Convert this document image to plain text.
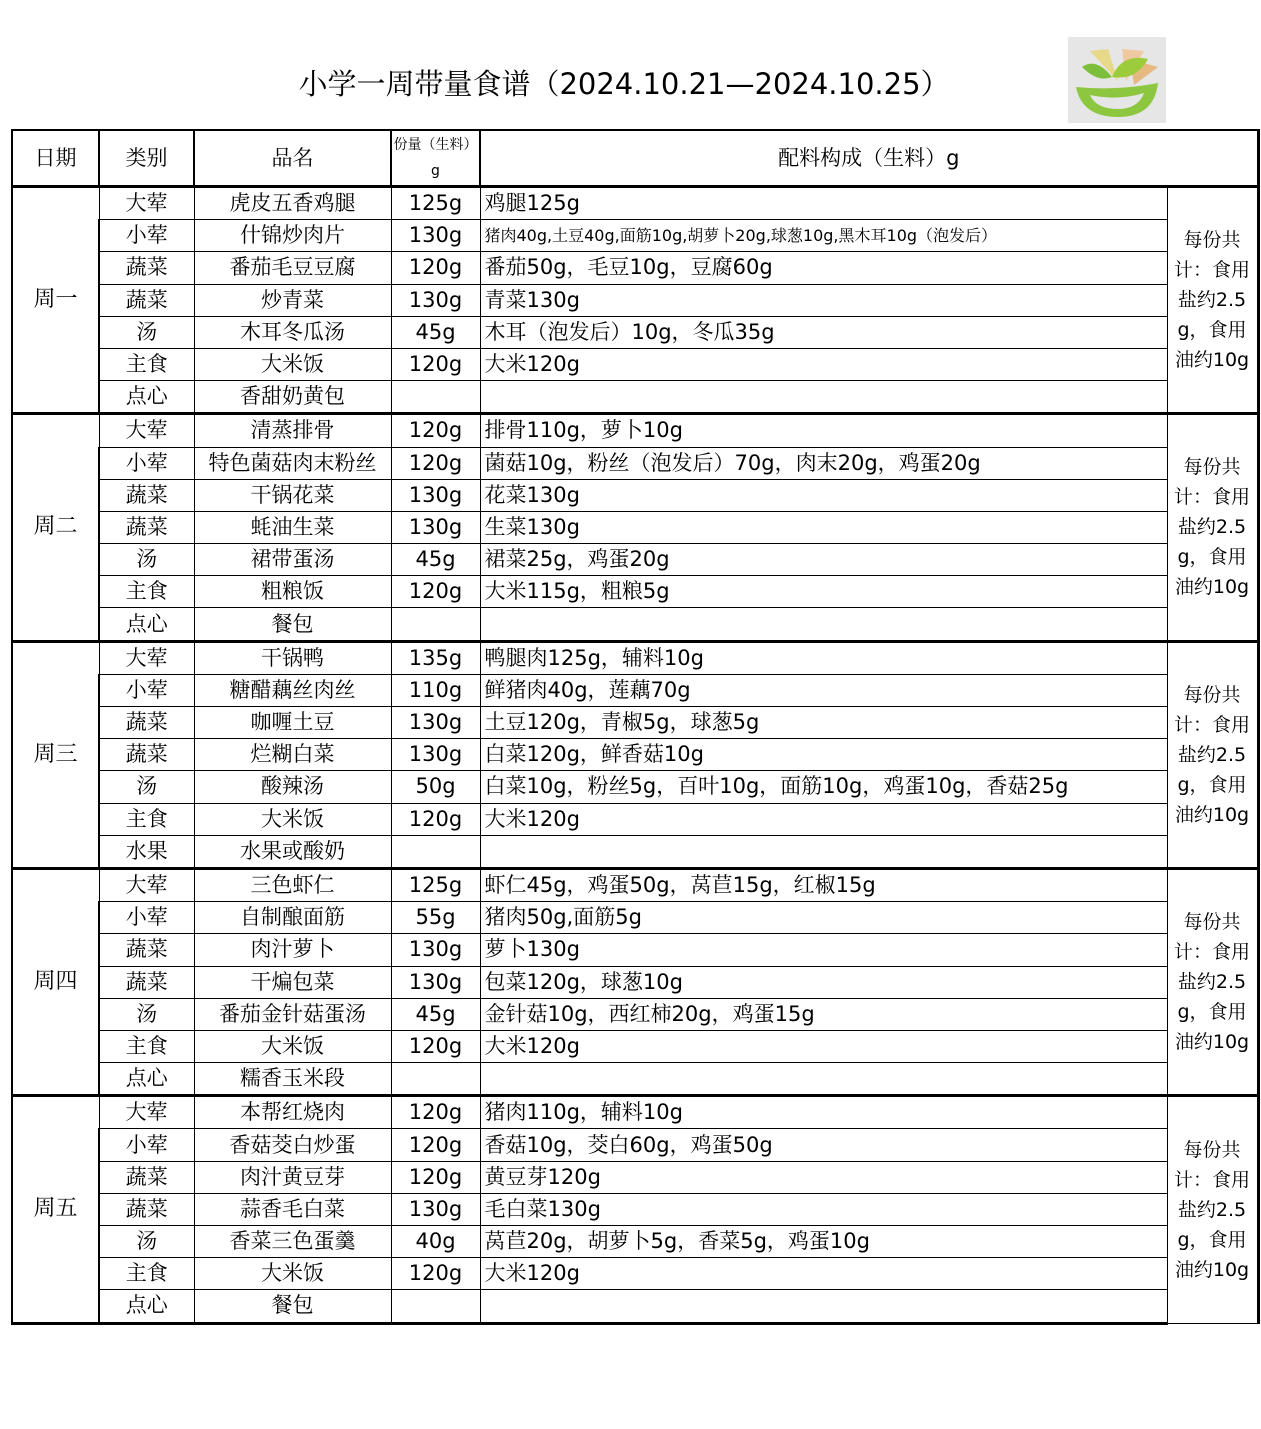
小学一周带量食谱（2024.10.21—2024.10.25）
日期	类别	品名	份量（生料）g	配料构成（生料）g	
周一	大荤	虎皮五香鸡腿	125g	鸡腿125g	每份共计：食用盐约2.5g，食用油约10g
	小荤	什锦炒肉片	130g	猪肉40g,土豆40g,面筋10g,胡萝卜20g,球葱10g,黑木耳10g（泡发后）	
	蔬菜	番茄毛豆豆腐	120g	番茄50g，毛豆10g，豆腐60g	
	蔬菜	炒青菜	130g	青菜130g	
	汤	木耳冬瓜汤	45g	木耳（泡发后）10g，冬瓜35g	
	主食	大米饭	120g	大米120g	
	点心	香甜奶黄包			
周二	大荤	清蒸排骨	120g	排骨110g，萝卜10g	每份共计：食用盐约2.5g，食用油约10g
	小荤	特色菌菇肉末粉丝	120g	菌菇10g，粉丝（泡发后）70g，肉末20g，鸡蛋20g	
	蔬菜	干锅花菜	130g	花菜130g	
	蔬菜	蚝油生菜	130g	生菜130g	
	汤	裙带蛋汤	45g	裙菜25g，鸡蛋20g	
	主食	粗粮饭	120g	大米115g，粗粮5g	
	点心	餐包			
周三	大荤	干锅鸭	135g	鸭腿肉125g，辅料10g	每份共计：食用盐约2.5g，食用油约10g
	小荤	糖醋藕丝肉丝	110g	鲜猪肉40g，莲藕70g	
	蔬菜	咖喱土豆	130g	土豆120g，青椒5g，球葱5g	
	蔬菜	烂糊白菜	130g	白菜120g，鲜香菇10g	
	汤	酸辣汤	50g	白菜10g，粉丝5g，百叶10g，面筋10g，鸡蛋10g，香菇25g	
	主食	大米饭	120g	大米120g	
	水果	水果或酸奶			
周四	大荤	三色虾仁	125g	虾仁45g，鸡蛋50g，莴苣15g，红椒15g	每份共计：食用盐约2.5g，食用油约10g
	小荤	自制酿面筋	55g	猪肉50g,面筋5g	
	蔬菜	肉汁萝卜	130g	萝卜130g	
	蔬菜	干煸包菜	130g	包菜120g，球葱10g	
	汤	番茄金针菇蛋汤	45g	金针菇10g，西红柿20g，鸡蛋15g	
	主食	大米饭	120g	大米120g	
	点心	糯香玉米段			
周五	大荤	本帮红烧肉	120g	猪肉110g，辅料10g	每份共计：食用盐约2.5g，食用油约10g
	小荤	香菇茭白炒蛋	120g	香菇10g，茭白60g，鸡蛋50g	
	蔬菜	肉汁黄豆芽	120g	黄豆芽120g	
	蔬菜	蒜香毛白菜	130g	毛白菜130g	
	汤	香菜三色蛋羹	40g	莴苣20g，胡萝卜5g，香菜5g，鸡蛋10g	
	主食	大米饭	120g	大米120g	
	点心	餐包			
